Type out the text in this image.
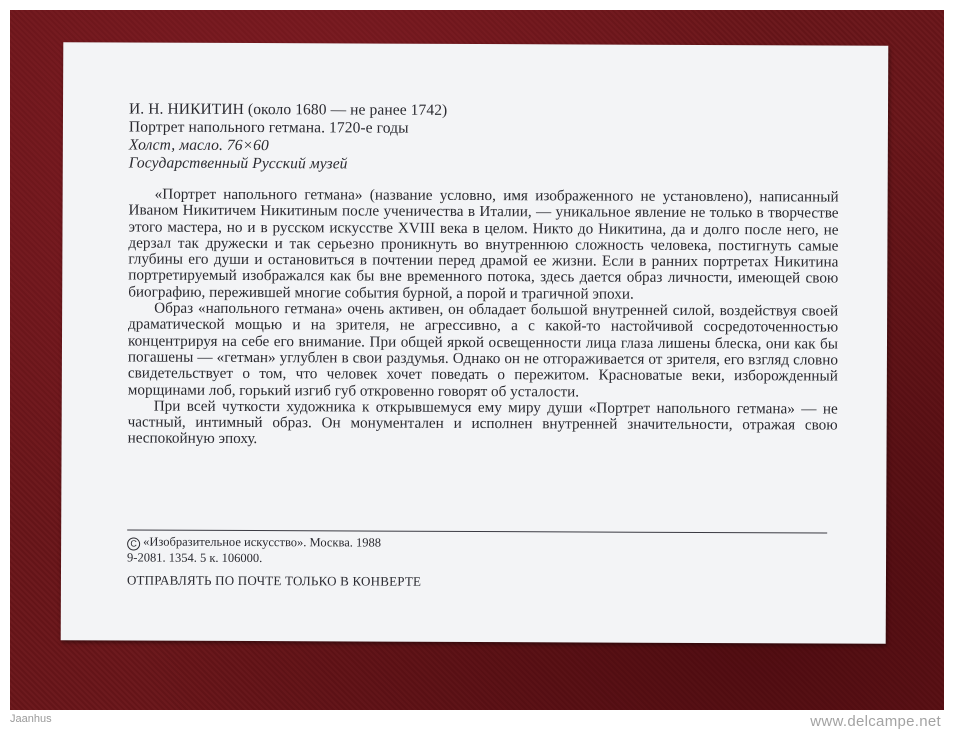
И. Н. НИКИТИН (около 1680 — не ранее 1742)
Портрет напольного гетмана. 1720-е годы
Холст, масло. 76×60
Государственный Русский музей

«Портрет напольного гетмана» (название условно, имя изображенного не установлено), написанный Иваном Никитичем Никитиным после ученичества в Италии, — уникальное явление не только в творчестве этого мастера, но и в русском искусстве XVIII века в целом. Никто до Никитина, да и долго после него, не дерзал так дружески и так серьезно проникнуть во внутреннюю сложность человека, постигнуть самые глубины его души и остановиться в почтении перед драмой ее жизни. Если в ранних портретах Никитина портретируемый изображался как бы вне временного потока, здесь дается образ личности, имеющей свою биографию, пережившей многие события бурной, а порой и трагичной эпохи.

Образ «напольного гетмана» очень активен, он обладает большой внутренней силой, воздействуя своей драматической мощью и на зрителя, не агрессивно, а с какой-то настойчивой сосредоточенностью концентрируя на себе его внимание. При общей яркой освещенности лица глаза лишены блеска, они как бы погашены — «гетман» углублен в свои раздумья. Однако он не отгораживается от зрителя, его взгляд словно свидетельствует о том, что человек хочет поведать о пережитом. Красноватые веки, изборожденный морщинами лоб, горький изгиб губ откровенно говорят об усталости.

При всей чуткости художника к открывшемуся ему миру души «Портрет напольного гетмана» — не частный, интимный образ. Он монументален и исполнен внутренней значительности, отражая свою неспокойную эпоху.

C «Изобразительное искусство». Москва. 1988
9-2081. 1354. 5 к. 106000.
ОТПРАВЛЯТЬ ПО ПОЧТЕ ТОЛЬКО В КОНВЕРТЕ
Jaanhus	www.delcampe.net
